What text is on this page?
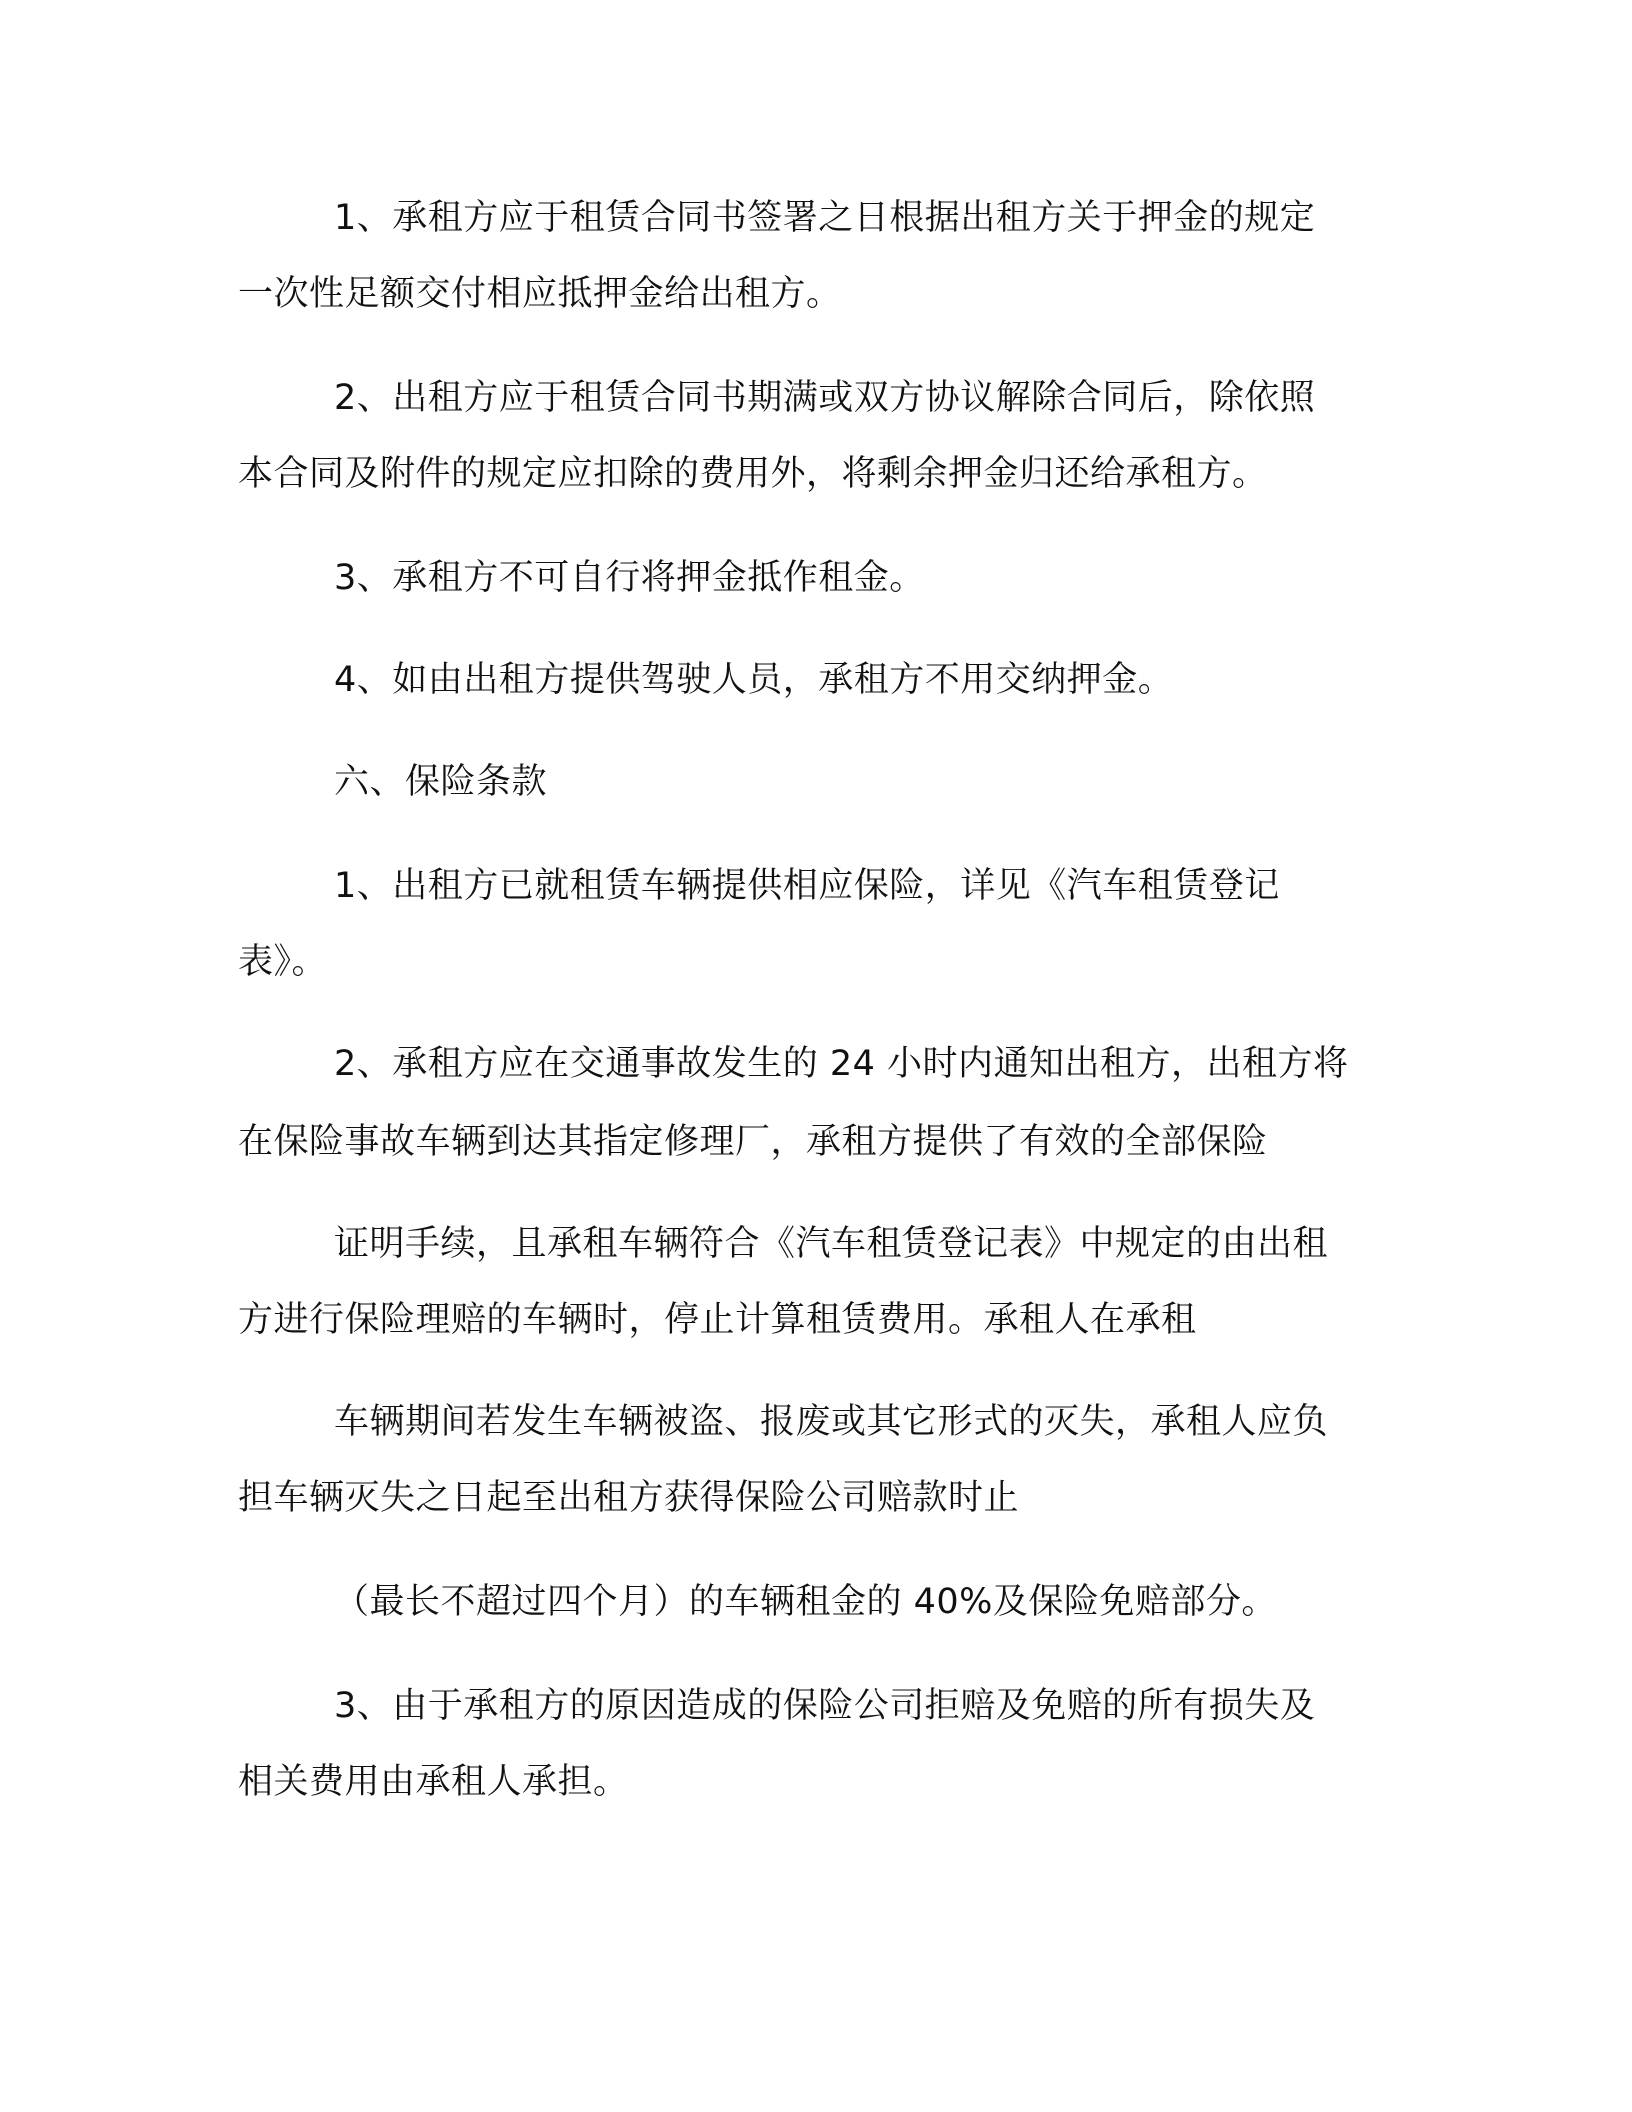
1、承租方应于租赁合同书签署之日根据出租方关于押金的规定
一次性足额交付相应抵押金给出租方。
2、出租方应于租赁合同书期满或双方协议解除合同后，除依照
本合同及附件的规定应扣除的费用外，将剩余押金归还给承租方。
3、承租方不可自行将押金抵作租金。
4、如由出租方提供驾驶人员，承租方不用交纳押金。
六、保险条款
1、出租方已就租赁车辆提供相应保险，详见《汽车租赁登记
表》。
2、承租方应在交通事故发生的 24 小时内通知出租方，出租方将
在保险事故车辆到达其指定修理厂，承租方提供了有效的全部保险
证明手续，且承租车辆符合《汽车租赁登记表》中规定的由出租
方进行保险理赔的车辆时，停止计算租赁费用。承租人在承租
车辆期间若发生车辆被盗、报废或其它形式的灭失，承租人应负
担车辆灭失之日起至出租方获得保险公司赔款时止
（最长不超过四个月）的车辆租金的 40%及保险免赔部分。
3、由于承租方的原因造成的保险公司拒赔及免赔的所有损失及
相关费用由承租人承担。
